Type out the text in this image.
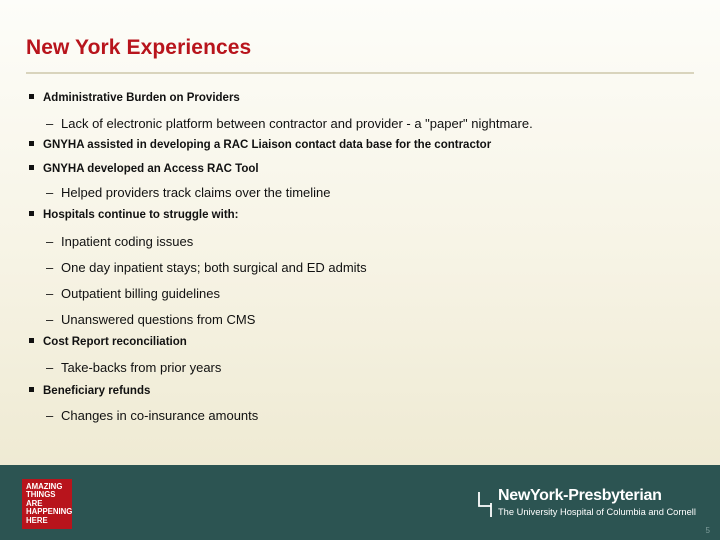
New York Experiences
Administrative Burden on Providers
– Lack of electronic platform between contractor and provider - a "paper" nightmare.
GNYHA assisted in developing a RAC Liaison contact data base for the contractor
GNYHA developed an Access RAC Tool
– Helped providers track claims over the timeline
Hospitals continue to struggle with:
– Inpatient coding issues
– One day inpatient stays; both surgical and ED admits
– Outpatient billing guidelines
– Unanswered questions from CMS
Cost Report reconciliation
– Take-backs from prior years
Beneficiary refunds
– Changes in co-insurance amounts
AMAZING
THINGS
ARE
HAPPENING
HERE
NewYork-Presbyterian
The University Hospital of Columbia and Cornell
5
